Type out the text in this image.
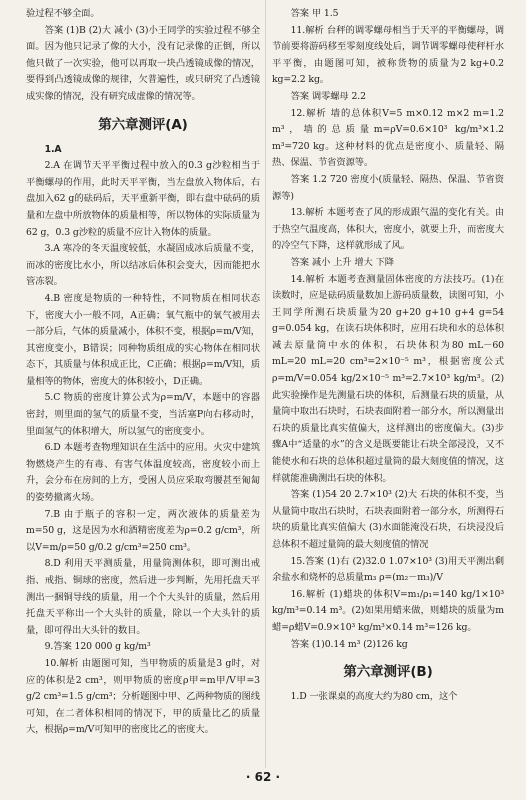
验过程不够全面。

答案 (1)B (2)大 减小 (3)小王同学的实验过程不够全面。因为他只记录了像的大小，没有记录像的正倒，所以他只做了一次实验，他可以再取一块凸透镜成像的情况，要得到凸透镜成像的规律，欠普遍性，或只研究了凸透镜成实像的情况，没有研究成虚像的情况等。

第六章测评(A)

1.A

2.A 在调节天平平衡过程中放入的0.3 g沙粒相当于平衡螺母的作用，此时天平平衡，当左盘放入物体后，右盘加入62 g的砝码后，天平重新平衡，即右盘中砝码的质量和左盘中所放物体的质量相等，所以物体的实际质量为62 g，0.3 g沙粒的质量不应计入物体的质量。

3.A 寒冷的冬天温度较低，水凝固成冰后质量不变，而冰的密度比水小，所以结冰后体积会变大，因而能把水管冻裂。

4.B 密度是物质的一种特性，不同物质在相同状态下，密度大小一般不同，A正确；氧气瓶中的氧气被用去一部分后，气体的质量减小，体积不变，根据ρ=m/V知，其密度变小，B错误；同种物质组成的实心物体在相同状态下，其质量与体积成正比，C正确；根据ρ=m/V知，质量相等的物体，密度大的体积较小，D正确。

5.C 物质的密度计算公式为ρ=m/V，本题中的容器密封，则里面的氢气的质量不变，当活塞P向右移动时，里面氢气的体积增大，所以氢气的密度变小。

6.D 本题考查物理知识在生活中的应用。火灾中建筑物燃烧产生的有毒、有害气体温度较高，密度较小而上升，会分布在房间的上方，受困人员应采取弯腰甚至匍匐的姿势撤离火场。

7.B 由于瓶子的容积一定，两次液体的质量差为m=50 g，这是因为水和酒精密度差为ρ=0.2 g/cm³，所以V=m/ρ=50 g/0.2 g/cm³=250 cm³。

8.D 利用天平测质量，用量筒测体积，即可测出戒指、戒指、铜球的密度，然后进一步判断，先用托盘天平测出一捆铜导线的质量，用一个个大头针的质量，然后用托盘天平称出一个大头针的质量，除以一个大头针的质量，即可得出大头针的数目。

9.答案 120 000 g kg/m³

10.解析 由题图可知，当甲物质的质量是3 g时，对应的体积是2 cm³，则甲物质的密度ρ甲=m甲/V甲=3 g/2 cm³=1.5 g/cm³；分析题图中甲、乙两种物质的图线可知，在二者体积相同的情况下，甲的质量比乙的质量大，根据ρ=m/V可知甲的密度比乙的密度大。

答案 甲 1.5

11.解析 台秤的调零螺母相当于天平的平衡螺母，调节前要将游码移至零刻度线处后，调节调零螺母使秤杆水平平衡，由题图可知，被称货物的质量为2 kg+0.2 kg=2.2 kg。

答案 调零螺母 2.2

12.解析 墙的总体积V=5 m×0.12 m×2 m=1.2 m³，墙的总质量m=ρV=0.6×10³ kg/m³×1.2 m³=720 kg。这种材料的优点是密度小、质量轻、隔热、保温、节省资源等。

答案 1.2 720 密度小(质量轻、隔热、保温、节省资源等)

13.解析 本题考查了风的形成跟气温的变化有关。由于热空气温度高，体积大，密度小，就要上升，而密度大的冷空气下降，这样就形成了风。

答案 减小 上升 增大 下降

14.解析 本题考查测量固体密度的方法技巧。(1)在读数时，应是砝码质量数加上游码质量数，读图可知，小王同学所测石块质量为20 g+20 g+10 g+4 g=54 g=0.054 kg，在读石块体积时，应用石块和水的总体积减去原量筒中水的体积，石块体积为80 mL－60 mL=20 mL=20 cm³=2×10⁻⁵ m³，根据密度公式ρ=m/V=0.054 kg/2×10⁻⁵ m³=2.7×10³ kg/m³。(2)此实验操作是先测量石块的体积，后测量石块的质量，从量筒中取出石块时，石块表面附着一部分水，所以测量出石块的质量比真实值偏大，这样测出的密度偏大。(3)步骤A中“适量的水”的含义是既要能让石块全部浸没，又不能使水和石块的总体积超过量筒的最大刻度值的情况，这样就能准确测出石块的体积。

答案 (1)54 20 2.7×10³ (2)大 石块的体积不变，当从量筒中取出石块时，石块表面附着一部分水，所测得石块的质量比真实值偏大 (3)水面能淹没石块，石块浸没后总体积不超过量筒的最大刻度值的情况

15.答案 (1)右 (2)32.0 1.07×10³ (3)用天平测出剩余盐水和烧杯的总质量m₃ ρ=(m₂－m₃)/V

16.解析 (1)蜡块的体积V=m₁/ρ₁=140 kg/1×10³ kg/m³=0.14 m³。(2)如果用蜡来做，则蜡块的质量为m蜡=ρ蜡V=0.9×10³ kg/m³×0.14 m³=126 kg。

答案 (1)0.14 m³ (2)126 kg

第六章测评(B)

1.D 一张课桌的高度大约为80 cm，这个

· 62 ·
